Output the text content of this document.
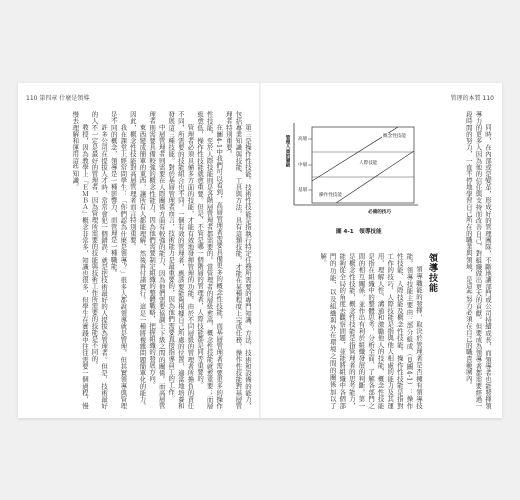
110 第四章 什麼是領導	管理的本質 110

第三是操作性技能。技術性技能是指執行特定任務所需要的專門知識、方法、技術和設備的能力，包括專業知識與技能、工具與方法。具有這類技能，才能在某種程度上完成任務，操作性技能對基層管理者特別重要。

在圖4-1中我們可以看到，高層管理者需要具備更多的概念性技能，而基層管理者需要更多的操作性技能，至於人際技能則是各階層管理者都需要的。當管理者的層級愈高，概念性技能就愈重要；而層級愈低，操作性技能就愈重要。但是，不管是哪一個階層的管理者，人際技能都是同等重要的。

管理者必須具備多方面的技能，才能有效地發揮管理的功能。由於不同層級的管理者所擔負的責任不同，所需要的技能組合也不同。一個有效的管理者，應該要能夠根據自己所處的位置，適當地培養和發展這三種技能。對於基層管理者而言，技術能力是最重要的，因為他們需要直接指導員工的工作。

中層管理者則需要在人際關係方面有較強的能力，因為他們需要協調上下級之間的關係。而高層管理者則需要具備較強的概念性能力，因為他們需要制定組織的整體戰略，把握組織的發展方向。

東西變成簡單的東西，讓所有人都能理解，然後再付諸實行。這是一種將複雜問題簡單化的能力。因此，概念性技能對高層管理者而言特別重要。

我在課堂上經常問學生：「你們認為什麼是領導？」很多人都說領導就是管理，但其實領導與管理是不同的概念，領導是一種影響力，而管理是一種職能。

許多公司在提拔人才時，常常會犯一個錯誤，就是把技術最好的人提拔為管理者。但是，技術最好的人不一定是最好的管理者，因為管理所需要的技能與技術工作所需要的技能是不同的。

教授，因為教學上『ＥＭＢＡ』概念非常多，知識也很多，但學生在實踐中往往需要一個過程，慢慢去理解和運用這些知識。	同時，在內部或是變革，形成好的管理團隊，不斷地讓部門或公司持續成長，而領導者也能發揮領導力的更多人因為他的信任與支持而改善自己，對組織做出更大的貢獻。但要成為領導者都需要經過一段時間的努力，一直不停地學習自己所在的職業與領域，是這些努力必須在自己的職責範圍內。

管理人員的層級 高層
中層
基層
概念性技能
人際技能
操作性技能
必備的技巧
圖 4-1　領導技能
領導技能

領導職能的發揮，取決於管理者是否擁有領導技能。領導技能主要由三部分組成（見圖4-1）：操作性技能、人際技能及概念性技能。操作性技能是指對工作的技巧，人際技能是指與他人相處的能力及其運用，理解人性、溝通和激勵他人的技能，概念性技能是指在組織中的整體思考，分析全面、了解各部門之間的相互關係，並作出有利於組織發展的判斷。第一是概念性技能，概念性技能是指管理者的思考能力，能夠從全局的角度去觀察問題，並能將組織中各個部門的功能，以及組織與外在環境之間的關係加以了解。
